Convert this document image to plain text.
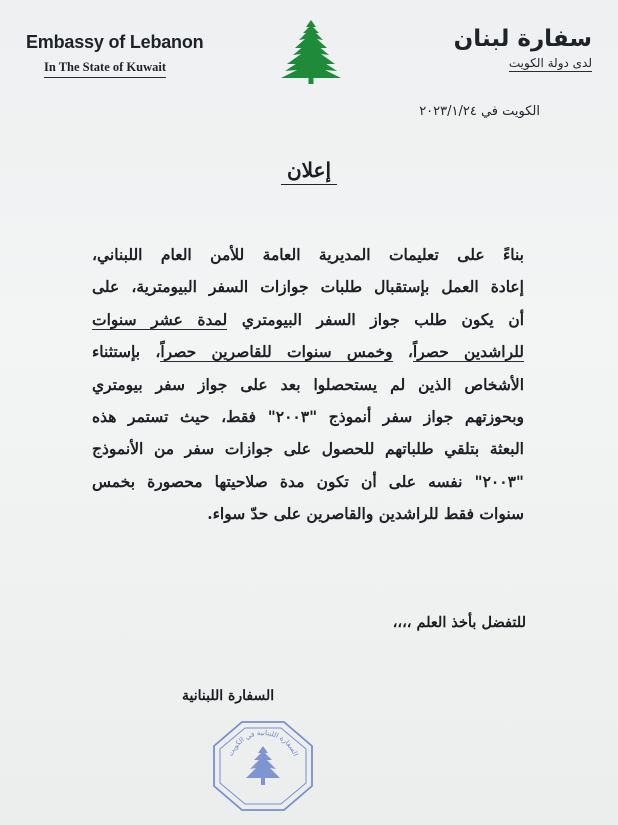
Embassy of Lebanon
In The State of Kuwait
سفارة لبنان
لدى دولة الكويت
الكويت في ٢٠٢٣/١/٢٤
إعلان
بناءً على تعليمات المديرية العامة للأمن العام اللبناني،
إعادة العمل بإستقبال طلبات جوازات السفر البيومترية، على
أن يكون طلب جواز السفر البيومتري لمدة عشر سنوات
للراشدين حصراً، وخمس سنوات للقاصرين حصراً، بإستثناء
الأشخاص الذين لم يستحصلوا بعد على جواز سفر بيومتري
وبحوزتهم جواز سفر أنموذج "٢٠٠٣" فقط، حيث تستمر هذه
البعثة بتلقي طلباتهم للحصول على جوازات سفر من الأنموذج
"٢٠٠٣" نفسه على أن تكون مدة صلاحيتها محصورة بخمس
سنوات فقط للراشدين والقاصرين على حدّ سواء.
للتفضل بأخذ العلم ،،،،
السفارة اللبنانية
السفارة اللبنانية في الكويت
